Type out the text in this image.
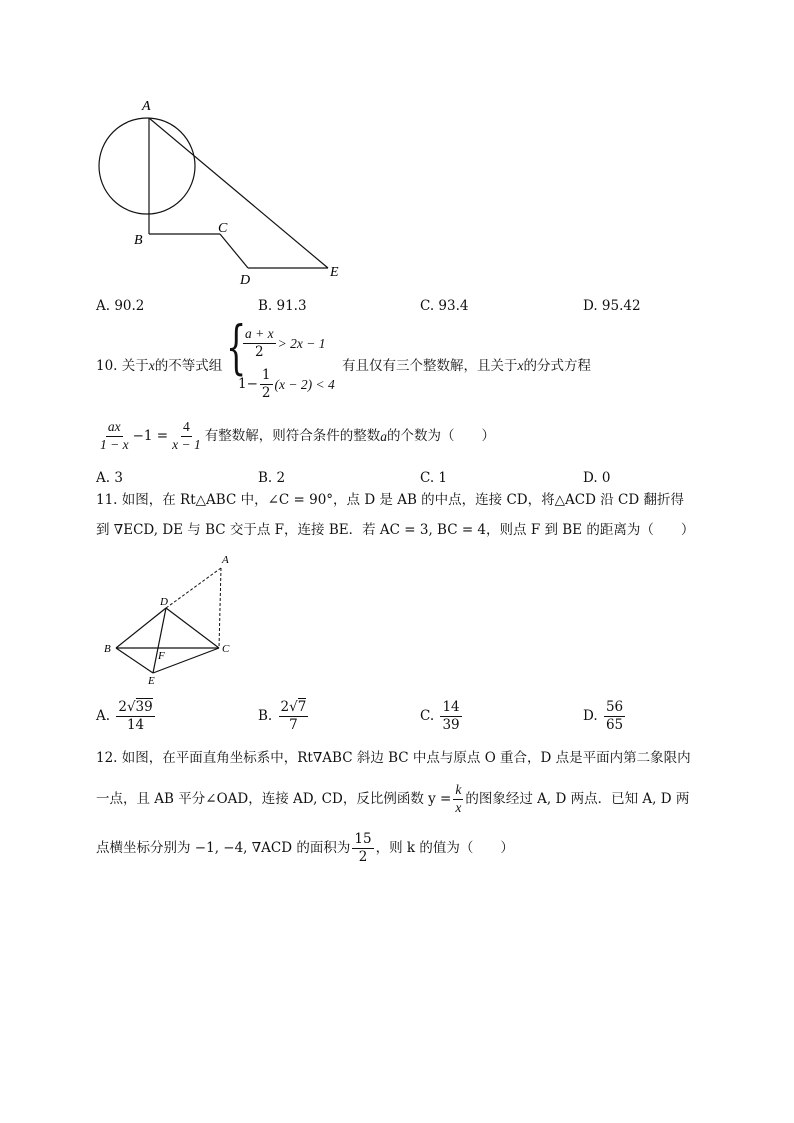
A
B
C
D
E
A. 90.2	B. 91.3	C. 93.4	D. 95.42
10. 关于x的不等式组 {
$\frac{a + x}{2} > 2x - 1$
$1- \frac{1}{2} (x - 2) < 4$
有且仅有三个整数解，且关于x的分式方程
$\frac{ax}{1 - x} -1 = \frac{4}{x - 1}$ 有整数解，则符合条件的整数 a 的个数为（　　）
A. 3	B. 2	C. 1	D. 0
11. 如图，在 Rt△ABC 中，∠C = 90°，点 D 是 AB 的中点，连接 CD，将△ACD 沿 CD 翻折得
到 ∇ECD, DE 与 BC 交于点 F，连接 BE．若 AC = 3, BC = 4，则点 F 到 BE 的距离为（　　）
A
B	C
D
E
F
A.
$\frac{2√39}{14}$	B.
$\frac{2√7}{7}$	C.
$\frac{14}{39}$	D.
$\frac{56}{65}$
12. 如图，在平面直角坐标系中，Rt∇ABC 斜边 BC 中点与原点 O 重合，D 点是平面内第二象限内
一点，且 AB 平分∠OAD，连接 AD, CD，反比例函数 $y = \frac{k}{x}$ 的图象经过 A, D 两点．已知 A, D 两
点横坐标分别为 −1, −4, ∇ACD 的面积为 $\frac{15}{2}$ ，则 k 的值为（　　）
